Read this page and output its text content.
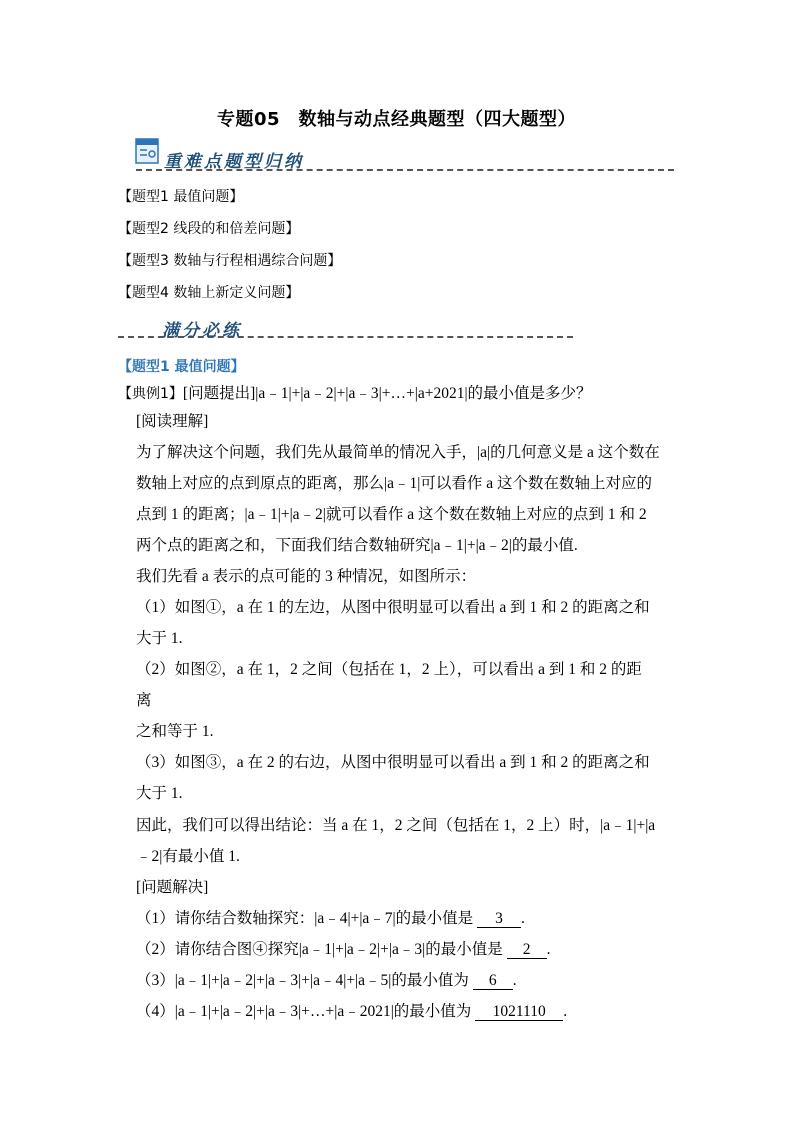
专题05　数轴与动点经典题型（四大题型）
重难点题型归纳
【题型1 最值问题】
【题型2 线段的和倍差问题】
【题型3 数轴与行程相遇综合问题】
【题型4 数轴上新定义问题】
满分必练
【题型1 最值问题】
【典例1】[问题提出]|a﹣1|+|a﹣2|+|a﹣3|+…+|a+2021|的最小值是多少？
[阅读理解]
为了解决这个问题，我们先从最简单的情况入手，|a|的几何意义是 a 这个数在
数轴上对应的点到原点的距离，那么|a﹣1|可以看作 a 这个数在数轴上对应的
点到 1 的距离；|a﹣1|+|a﹣2|就可以看作 a 这个数在数轴上对应的点到 1 和 2
两个点的距离之和，下面我们结合数轴研究|a﹣1|+|a﹣2|的最小值.
我们先看 a 表示的点可能的 3 种情况，如图所示：
（1）如图①，a 在 1 的左边，从图中很明显可以看出 a 到 1 和 2 的距离之和
大于 1.
（2）如图②，a 在 1，2 之间（包括在 1，2 上），可以看出 a 到 1 和 2 的距
离
之和等于 1.
（3）如图③，a 在 2 的右边，从图中很明显可以看出 a 到 1 和 2 的距离之和
大于 1.
因此，我们可以得出结论：当 a 在 1，2 之间（包括在 1，2 上）时，|a﹣1|+|a
﹣2|有最小值 1.
[问题解决]
（1）请你结合数轴探究：|a﹣4|+|a﹣7|的最小值是 3 .
（2）请你结合图④探究|a﹣1|+|a﹣2|+|a﹣3|的最小值是 2 .
（3）|a﹣1|+|a﹣2|+|a﹣3|+|a﹣4|+|a﹣5|的最小值为 6 .
（4）|a﹣1|+|a﹣2|+|a﹣3|+…+|a﹣2021|的最小值为 1021110 .
